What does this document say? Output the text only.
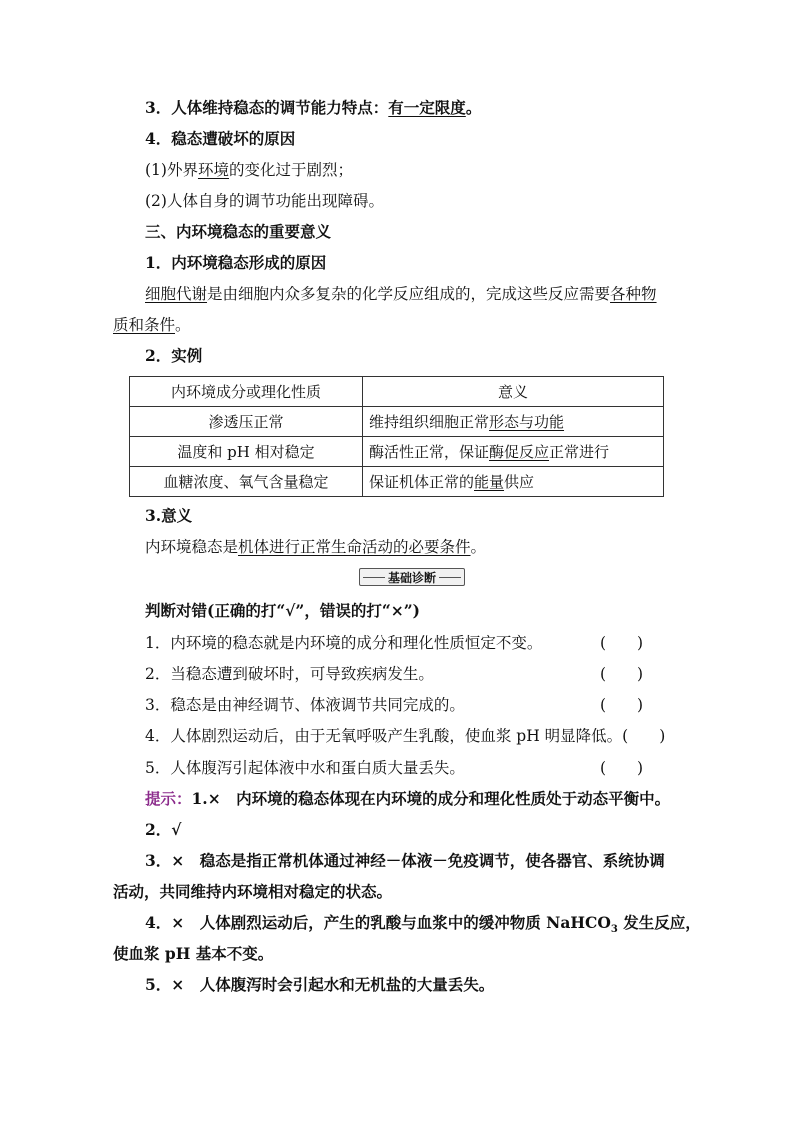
3．人体维持稳态的调节能力特点：有一定限度。
4．稳态遭破坏的原因
(1)外界环境的变化过于剧烈；
(2)人体自身的调节功能出现障碍。
三、内环境稳态的重要意义
1．内环境稳态形成的原因
细胞代谢是由细胞内众多复杂的化学反应组成的，完成这些反应需要各种物
质和条件。
2．实例
内环境成分或理化性质	意义
渗透压正常	维持组织细胞正常形态与功能
温度和 pH 相对稳定	酶活性正常，保证酶促反应正常进行
血糖浓度、氧气含量稳定	保证机体正常的能量供应
3.意义
内环境稳态是机体进行正常生命活动的必要条件。
基础诊断
判断对错(正确的打“√”，错误的打“×”)
1．内环境的稳态就是内环境的成分和理化性质恒定不变。	(　　)
2．当稳态遭到破坏时，可导致疾病发生。	(　　)
3．稳态是由神经调节、体液调节共同完成的。	(　　)
4．人体剧烈运动后，由于无氧呼吸产生乳酸，使血浆 pH 明显降低。(　　)
5．人体腹泻引起体液中水和蛋白质大量丢失。	(　　)
提示：1.×　内环境的稳态体现在内环境的成分和理化性质处于动态平衡中。
2．√
3．×　稳态是指正常机体通过神经－体液－免疫调节，使各器官、系统协调
活动，共同维持内环境相对稳定的状态。
4．×　人体剧烈运动后，产生的乳酸与血浆中的缓冲物质 NaHCO$_3$ 发生反应，
使血浆 pH 基本不变。
5．×　人体腹泻时会引起水和无机盐的大量丢失。
